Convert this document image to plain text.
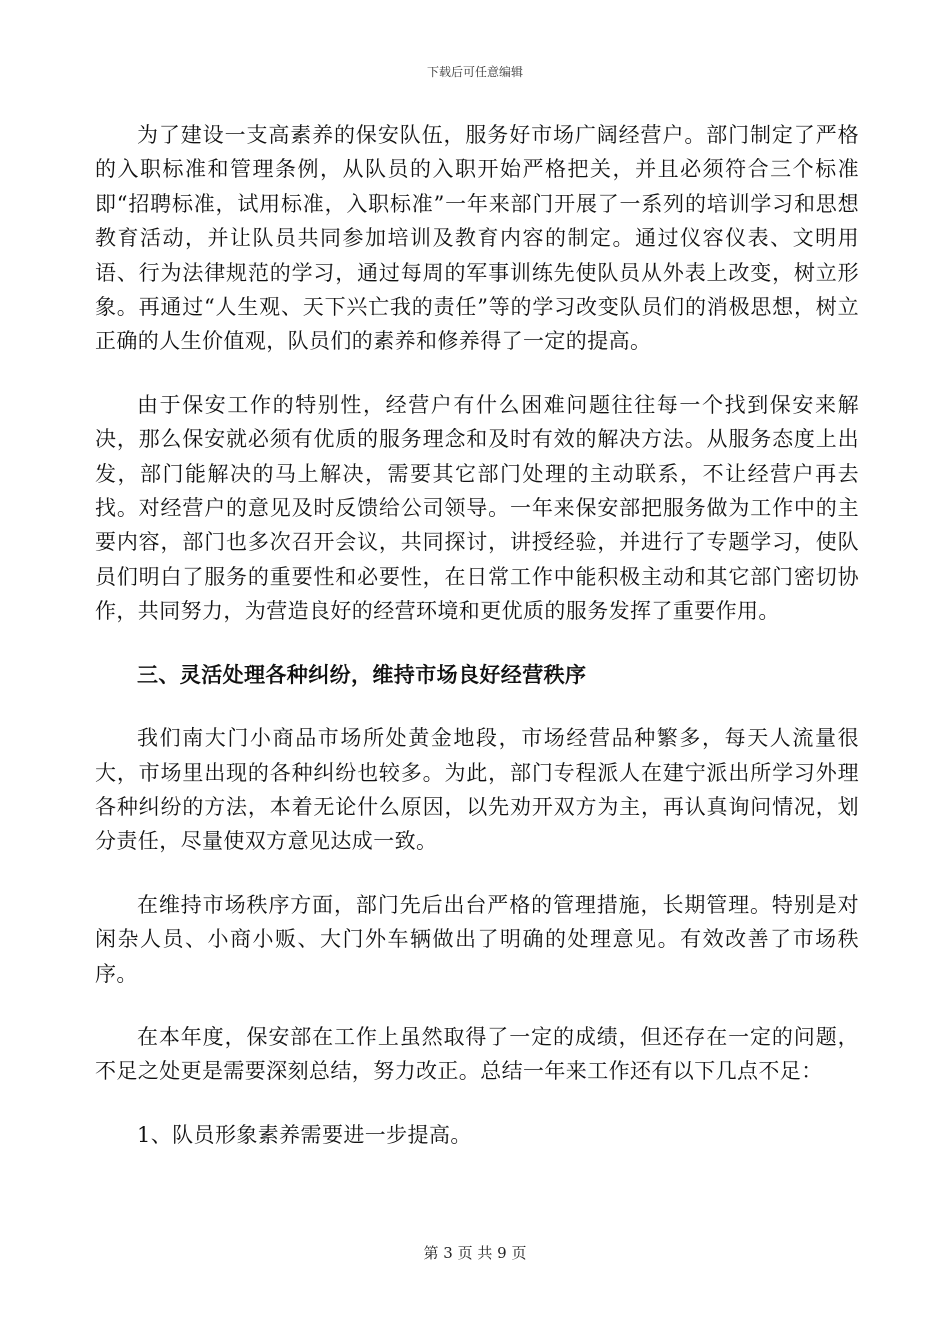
下载后可任意编辑

为了建设一支高素养的保安队伍，服务好市场广阔经营户。部门制定了严格的入职标准和管理条例，从队员的入职开始严格把关，并且必须符合三个标准即“招聘标准，试用标准，入职标准”一年来部门开展了一系列的培训学习和思想教育活动，并让队员共同参加培训及教育内容的制定。通过仪容仪表、文明用语、行为法律规范的学习，通过每周的军事训练先使队员从外表上改变，树立形象。再通过“人生观、天下兴亡我的责任”等的学习改变队员们的消极思想，树立正确的人生价值观，队员们的素养和修养得了一定的提高。

由于保安工作的特别性，经营户有什么困难问题往往每一个找到保安来解决，那么保安就必须有优质的服务理念和及时有效的解决方法。从服务态度上出发，部门能解决的马上解决，需要其它部门处理的主动联系，不让经营户再去找。对经营户的意见及时反馈给公司领导。一年来保安部把服务做为工作中的主要内容，部门也多次召开会议，共同探讨，讲授经验，并进行了专题学习，使队员们明白了服务的重要性和必要性，在日常工作中能积极主动和其它部门密切协作，共同努力，为营造良好的经营环境和更优质的服务发挥了重要作用。

三、灵活处理各种纠纷，维持市场良好经营秩序

我们南大门小商品市场所处黄金地段，市场经营品种繁多，每天人流量很大，市场里出现的各种纠纷也较多。为此，部门专程派人在建宁派出所学习外理各种纠纷的方法，本着无论什么原因，以先劝开双方为主，再认真询问情况，划分责任，尽量使双方意见达成一致。

在维持市场秩序方面，部门先后出台严格的管理措施，长期管理。特别是对闲杂人员、小商小贩、大门外车辆做出了明确的处理意见。有效改善了市场秩序。

在本年度，保安部在工作上虽然取得了一定的成绩，但还存在一定的问题，不足之处更是需要深刻总结，努力改正。总结一年来工作还有以下几点不足：

1、队员形象素养需要进一步提高。

第 3 页 共 9 页
